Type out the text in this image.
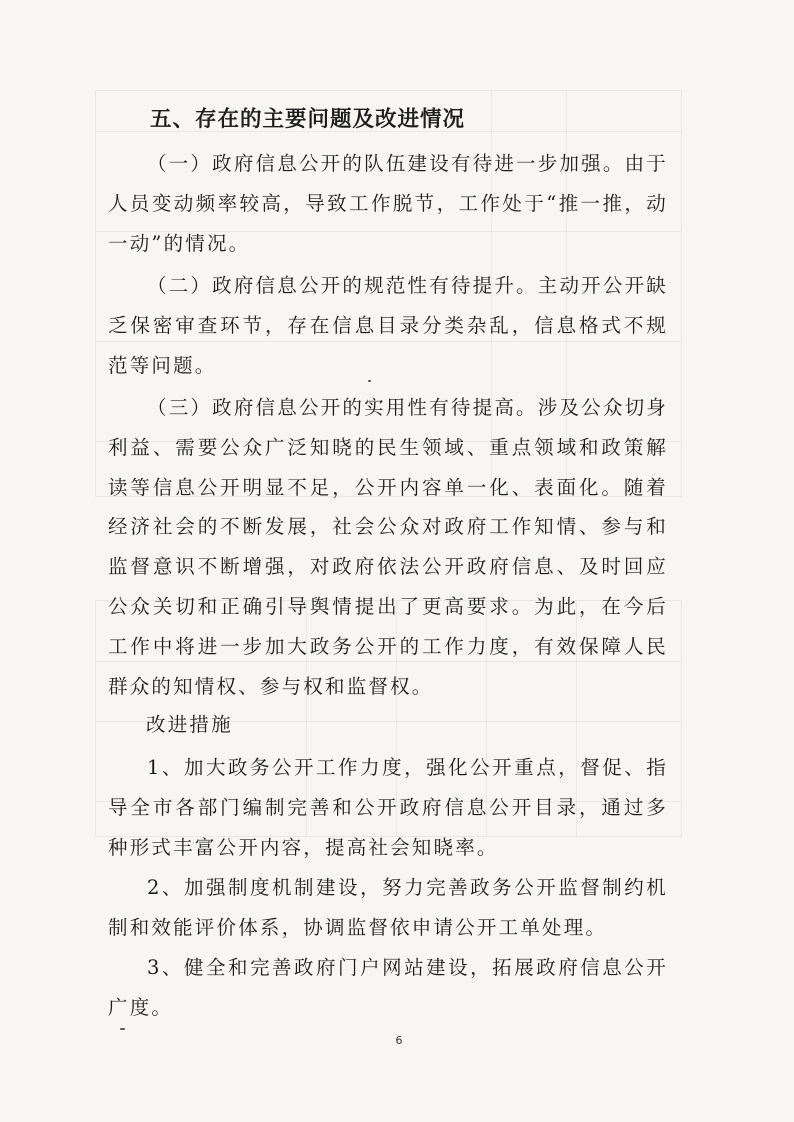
五、存在的主要问题及改进情况

（一）政府信息公开的队伍建设有待进一步加强。由于人员变动频率较高，导致工作脱节，工作处于“推一推，动一动”的情况。

（二）政府信息公开的规范性有待提升。主动开公开缺乏保密审查环节，存在信息目录分类杂乱，信息格式不规范等问题。

（三）政府信息公开的实用性有待提高。涉及公众切身利益、需要公众广泛知晓的民生领域、重点领域和政策解读等信息公开明显不足，公开内容单一化、表面化。随着经济社会的不断发展，社会公众对政府工作知情、参与和监督意识不断增强，对政府依法公开政府信息、及时回应公众关切和正确引导舆情提出了更高要求。为此，在今后工作中将进一步加大政务公开的工作力度，有效保障人民群众的知情权、参与权和监督权。

改进措施

1、加大政务公开工作力度，强化公开重点，督促、指导全市各部门编制完善和公开政府信息公开目录，通过多种形式丰富公开内容，提高社会知晓率。

2、加强制度机制建设，努力完善政务公开监督制约机制和效能评价体系，协调监督依申请公开工单处理。

3、健全和完善政府门户网站建设，拓展政府信息公开广度。

6
